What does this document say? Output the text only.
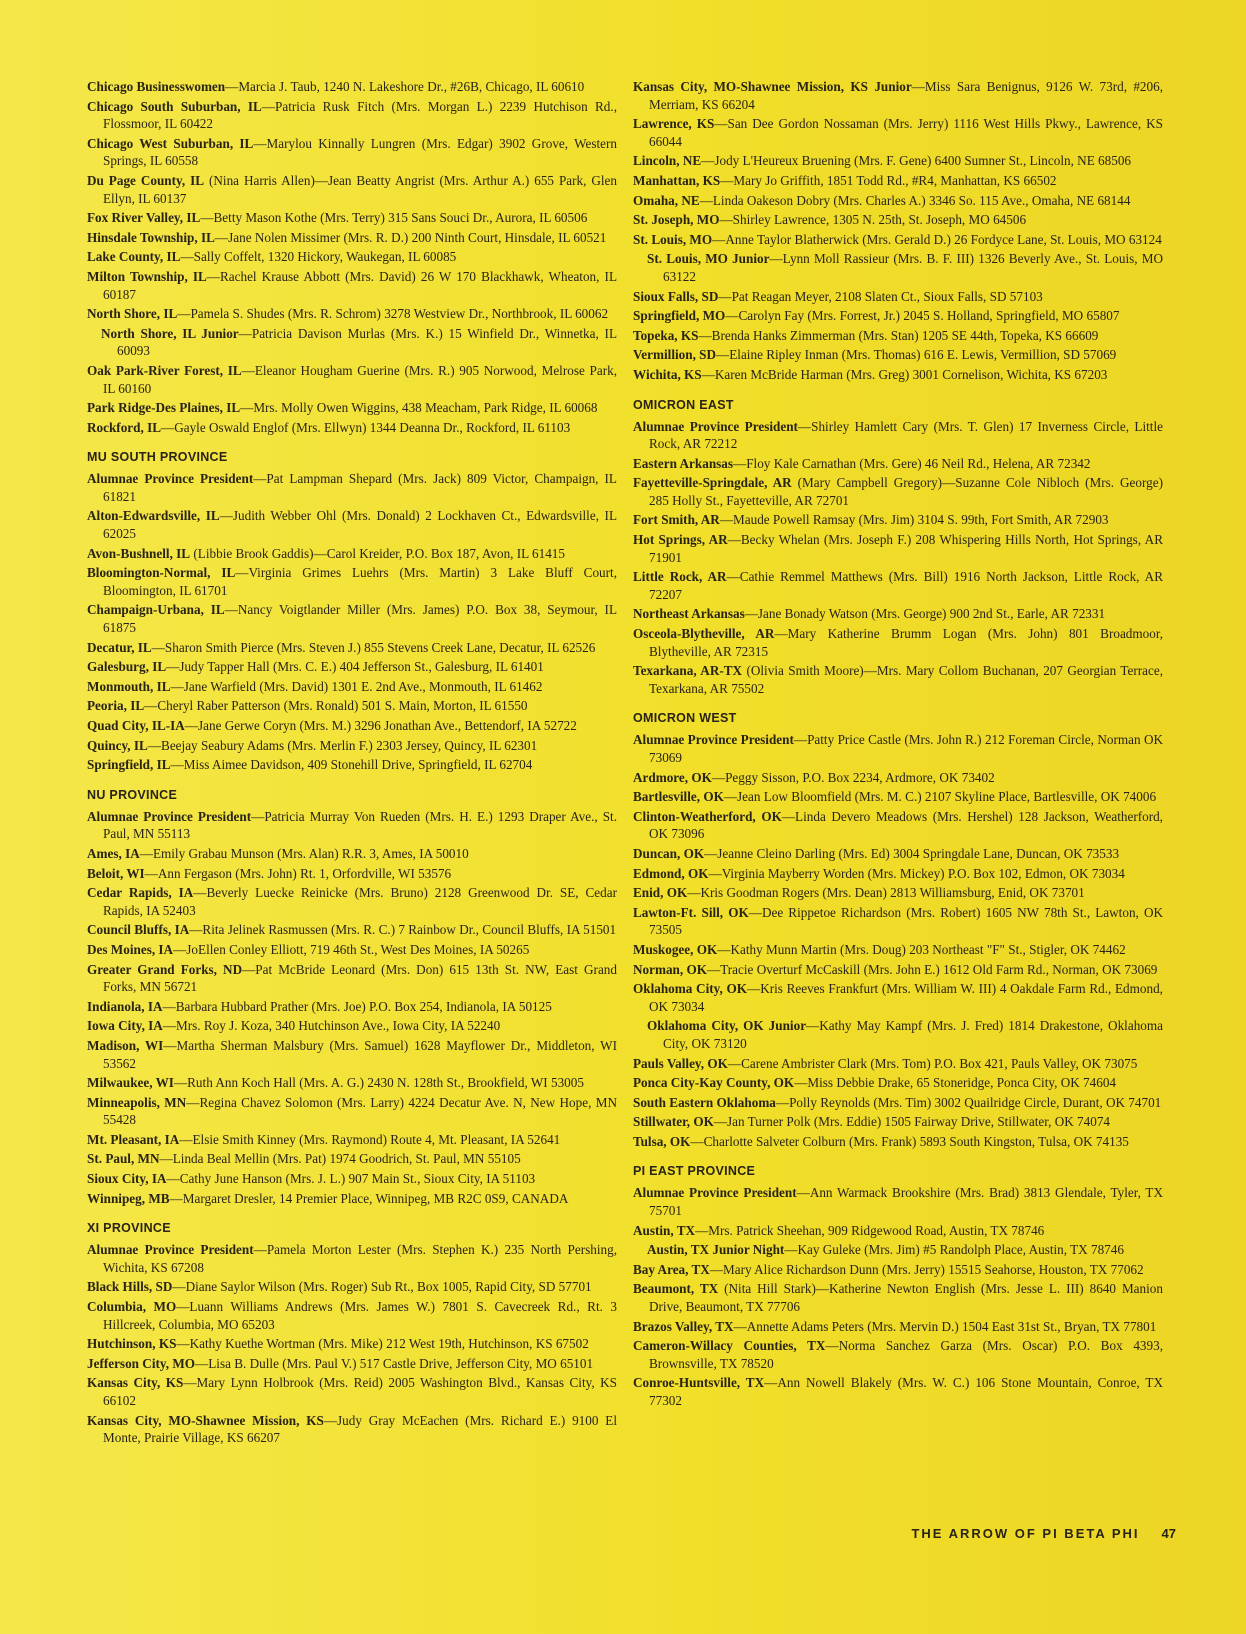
Chicago Businesswomen—Marcia J. Taub, 1240 N. Lakeshore Dr., #26B, Chicago, IL 60610
Chicago South Suburban, IL—Patricia Rusk Fitch (Mrs. Morgan L.) 2239 Hutchison Rd., Flossmoor, IL 60422
Chicago West Suburban, IL—Marylou Kinnally Lungren (Mrs. Edgar) 3902 Grove, Western Springs, IL 60558
Du Page County, IL (Nina Harris Allen)—Jean Beatty Angrist (Mrs. Arthur A.) 655 Park, Glen Ellyn, IL 60137
Fox River Valley, IL—Betty Mason Kothe (Mrs. Terry) 315 Sans Souci Dr., Aurora, IL 60506
Hinsdale Township, IL—Jane Nolen Missimer (Mrs. R. D.) 200 Ninth Court, Hinsdale, IL 60521
Lake County, IL—Sally Coffelt, 1320 Hickory, Waukegan, IL 60085
Milton Township, IL—Rachel Krause Abbott (Mrs. David) 26 W 170 Blackhawk, Wheaton, IL 60187
North Shore, IL—Pamela S. Shudes (Mrs. R. Schrom) 3278 Westview Dr., Northbrook, IL 60062
North Shore, IL Junior—Patricia Davison Murlas (Mrs. K.) 15 Winfield Dr., Winnetka, IL 60093
Oak Park-River Forest, IL—Eleanor Hougham Guerine (Mrs. R.) 905 Norwood, Melrose Park, IL 60160
Park Ridge-Des Plaines, IL—Mrs. Molly Owen Wiggins, 438 Meacham, Park Ridge, IL 60068
Rockford, IL—Gayle Oswald Englof (Mrs. Ellwyn) 1344 Deanna Dr., Rockford, IL 61103
MU SOUTH PROVINCE
Alumnae Province President—Pat Lampman Shepard (Mrs. Jack) 809 Victor, Champaign, IL 61821
Alton-Edwardsville, IL—Judith Webber Ohl (Mrs. Donald) 2 Lockhaven Ct., Edwardsville, IL 62025
Avon-Bushnell, IL (Libbie Brook Gaddis)—Carol Kreider, P.O. Box 187, Avon, IL 61415
Bloomington-Normal, IL—Virginia Grimes Luehrs (Mrs. Martin) 3 Lake Bluff Court, Bloomington, IL 61701
Champaign-Urbana, IL—Nancy Voigtlander Miller (Mrs. James) P.O. Box 38, Seymour, IL 61875
Decatur, IL—Sharon Smith Pierce (Mrs. Steven J.) 855 Stevens Creek Lane, Decatur, IL 62526
Galesburg, IL—Judy Tapper Hall (Mrs. C. E.) 404 Jefferson St., Galesburg, IL 61401
Monmouth, IL—Jane Warfield (Mrs. David) 1301 E. 2nd Ave., Monmouth, IL 61462
Peoria, IL—Cheryl Raber Patterson (Mrs. Ronald) 501 S. Main, Morton, IL 61550
Quad City, IL-IA—Jane Gerwe Coryn (Mrs. M.) 3296 Jonathan Ave., Bettendorf, IA 52722
Quincy, IL—Beejay Seabury Adams (Mrs. Merlin F.) 2303 Jersey, Quincy, IL 62301
Springfield, IL—Miss Aimee Davidson, 409 Stonehill Drive, Springfield, IL 62704
NU PROVINCE
Alumnae Province President—Patricia Murray Von Rueden (Mrs. H. E.) 1293 Draper Ave., St. Paul, MN 55113
Ames, IA—Emily Grabau Munson (Mrs. Alan) R.R. 3, Ames, IA 50010
Beloit, WI—Ann Fergason (Mrs. John) Rt. 1, Orfordville, WI 53576
Cedar Rapids, IA—Beverly Luecke Reinicke (Mrs. Bruno) 2128 Greenwood Dr. SE, Cedar Rapids, IA 52403
Council Bluffs, IA—Rita Jelinek Rasmussen (Mrs. R. C.) 7 Rainbow Dr., Council Bluffs, IA 51501
Des Moines, IA—JoEllen Conley Elliott, 719 46th St., West Des Moines, IA 50265
Greater Grand Forks, ND—Pat McBride Leonard (Mrs. Don) 615 13th St. NW, East Grand Forks, MN 56721
Indianola, IA—Barbara Hubbard Prather (Mrs. Joe) P.O. Box 254, Indianola, IA 50125
Iowa City, IA—Mrs. Roy J. Koza, 340 Hutchinson Ave., Iowa City, IA 52240
Madison, WI—Martha Sherman Malsbury (Mrs. Samuel) 1628 Mayflower Dr., Middleton, WI 53562
Milwaukee, WI—Ruth Ann Koch Hall (Mrs. A. G.) 2430 N. 128th St., Brookfield, WI 53005
Minneapolis, MN—Regina Chavez Solomon (Mrs. Larry) 4224 Decatur Ave. N, New Hope, MN 55428
Mt. Pleasant, IA—Elsie Smith Kinney (Mrs. Raymond) Route 4, Mt. Pleasant, IA 52641
St. Paul, MN—Linda Beal Mellin (Mrs. Pat) 1974 Goodrich, St. Paul, MN 55105
Sioux City, IA—Cathy June Hanson (Mrs. J. L.) 907 Main St., Sioux City, IA 51103
Winnipeg, MB—Margaret Dresler, 14 Premier Place, Winnipeg, MB R2C 0S9, CANADA
XI PROVINCE
Alumnae Province President—Pamela Morton Lester (Mrs. Stephen K.) 235 North Pershing, Wichita, KS 67208
Black Hills, SD—Diane Saylor Wilson (Mrs. Roger) Sub Rt., Box 1005, Rapid City, SD 57701
Columbia, MO—Luann Williams Andrews (Mrs. James W.) 7801 S. Cavecreek Rd., Rt. 3 Hillcreek, Columbia, MO 65203
Hutchinson, KS—Kathy Kuethe Wortman (Mrs. Mike) 212 West 19th, Hutchinson, KS 67502
Jefferson City, MO—Lisa B. Dulle (Mrs. Paul V.) 517 Castle Drive, Jefferson City, MO 65101
Kansas City, KS—Mary Lynn Holbrook (Mrs. Reid) 2005 Washington Blvd., Kansas City, KS 66102
Kansas City, MO-Shawnee Mission, KS—Judy Gray McEachen (Mrs. Richard E.) 9100 El Monte, Prairie Village, KS 66207
Kansas City, MO-Shawnee Mission, KS Junior—Miss Sara Benignus, 9126 W. 73rd, #206, Merriam, KS 66204
Lawrence, KS—San Dee Gordon Nossaman (Mrs. Jerry) 1116 West Hills Pkwy., Lawrence, KS 66044
Lincoln, NE—Jody L'Heureux Bruening (Mrs. F. Gene) 6400 Sumner St., Lincoln, NE 68506
Manhattan, KS—Mary Jo Griffith, 1851 Todd Rd., #R4, Manhattan, KS 66502
Omaha, NE—Linda Oakeson Dobry (Mrs. Charles A.) 3346 So. 115 Ave., Omaha, NE 68144
St. Joseph, MO—Shirley Lawrence, 1305 N. 25th, St. Joseph, MO 64506
St. Louis, MO—Anne Taylor Blatherwick (Mrs. Gerald D.) 26 Fordyce Lane, St. Louis, MO 63124
St. Louis, MO Junior—Lynn Moll Rassieur (Mrs. B. F. III) 1326 Beverly Ave., St. Louis, MO 63122
Sioux Falls, SD—Pat Reagan Meyer, 2108 Slaten Ct., Sioux Falls, SD 57103
Springfield, MO—Carolyn Fay (Mrs. Forrest, Jr.) 2045 S. Holland, Springfield, MO 65807
Topeka, KS—Brenda Hanks Zimmerman (Mrs. Stan) 1205 SE 44th, Topeka, KS 66609
Vermillion, SD—Elaine Ripley Inman (Mrs. Thomas) 616 E. Lewis, Vermillion, SD 57069
Wichita, KS—Karen McBride Harman (Mrs. Greg) 3001 Cornelison, Wichita, KS 67203
OMICRON EAST
Alumnae Province President—Shirley Hamlett Cary (Mrs. T. Glen) 17 Inverness Circle, Little Rock, AR 72212
Eastern Arkansas—Floy Kale Carnathan (Mrs. Gere) 46 Neil Rd., Helena, AR 72342
Fayetteville-Springdale, AR (Mary Campbell Gregory)—Suzanne Cole Nibloch (Mrs. George) 285 Holly St., Fayetteville, AR 72701
Fort Smith, AR—Maude Powell Ramsay (Mrs. Jim) 3104 S. 99th, Fort Smith, AR 72903
Hot Springs, AR—Becky Whelan (Mrs. Joseph F.) 208 Whispering Hills North, Hot Springs, AR 71901
Little Rock, AR—Cathie Remmel Matthews (Mrs. Bill) 1916 North Jackson, Little Rock, AR 72207
Northeast Arkansas—Jane Bonady Watson (Mrs. George) 900 2nd St., Earle, AR 72331
Osceola-Blytheville, AR—Mary Katherine Brumm Logan (Mrs. John) 801 Broadmoor, Blytheville, AR 72315
Texarkana, AR-TX (Olivia Smith Moore)—Mrs. Mary Collom Buchanan, 207 Georgian Terrace, Texarkana, AR 75502
OMICRON WEST
Alumnae Province President—Patty Price Castle (Mrs. John R.) 212 Foreman Circle, Norman OK 73069
Ardmore, OK—Peggy Sisson, P.O. Box 2234, Ardmore, OK 73402
Bartlesville, OK—Jean Low Bloomfield (Mrs. M. C.) 2107 Skyline Place, Bartlesville, OK 74006
Clinton-Weatherford, OK—Linda Devero Meadows (Mrs. Hershel) 128 Jackson, Weatherford, OK 73096
Duncan, OK—Jeanne Cleino Darling (Mrs. Ed) 3004 Springdale Lane, Duncan, OK 73533
Edmond, OK—Virginia Mayberry Worden (Mrs. Mickey) P.O. Box 102, Edmon, OK 73034
Enid, OK—Kris Goodman Rogers (Mrs. Dean) 2813 Williamsburg, Enid, OK 73701
Lawton-Ft. Sill, OK—Dee Rippetoe Richardson (Mrs. Robert) 1605 NW 78th St., Lawton, OK 73505
Muskogee, OK—Kathy Munn Martin (Mrs. Doug) 203 Northeast "F" St., Stigler, OK 74462
Norman, OK—Tracie Overturf McCaskill (Mrs. John E.) 1612 Old Farm Rd., Norman, OK 73069
Oklahoma City, OK—Kris Reeves Frankfurt (Mrs. William W. III) 4 Oakdale Farm Rd., Edmond, OK 73034
Oklahoma City, OK Junior—Kathy May Kampf (Mrs. J. Fred) 1814 Drakestone, Oklahoma City, OK 73120
Pauls Valley, OK—Carene Ambrister Clark (Mrs. Tom) P.O. Box 421, Pauls Valley, OK 73075
Ponca City-Kay County, OK—Miss Debbie Drake, 65 Stoneridge, Ponca City, OK 74604
South Eastern Oklahoma—Polly Reynolds (Mrs. Tim) 3002 Quailridge Circle, Durant, OK 74701
Stillwater, OK—Jan Turner Polk (Mrs. Eddie) 1505 Fairway Drive, Stillwater, OK 74074
Tulsa, OK—Charlotte Salveter Colburn (Mrs. Frank) 5893 South Kingston, Tulsa, OK 74135
PI EAST PROVINCE
Alumnae Province President—Ann Warmack Brookshire (Mrs. Brad) 3813 Glendale, Tyler, TX 75701
Austin, TX—Mrs. Patrick Sheehan, 909 Ridgewood Road, Austin, TX 78746
Austin, TX Junior Night—Kay Guleke (Mrs. Jim) #5 Randolph Place, Austin, TX 78746
Bay Area, TX—Mary Alice Richardson Dunn (Mrs. Jerry) 15515 Seahorse, Houston, TX 77062
Beaumont, TX (Nita Hill Stark)—Katherine Newton English (Mrs. Jesse L. III) 8640 Manion Drive, Beaumont, TX 77706
Brazos Valley, TX—Annette Adams Peters (Mrs. Mervin D.) 1504 East 31st St., Bryan, TX 77801
Cameron-Willacy Counties, TX—Norma Sanchez Garza (Mrs. Oscar) P.O. Box 4393, Brownsville, TX 78520
Conroe-Huntsville, TX—Ann Nowell Blakely (Mrs. W. C.) 106 Stone Mountain, Conroe, TX 77302
THE ARROW OF PI BETA PHI 47
